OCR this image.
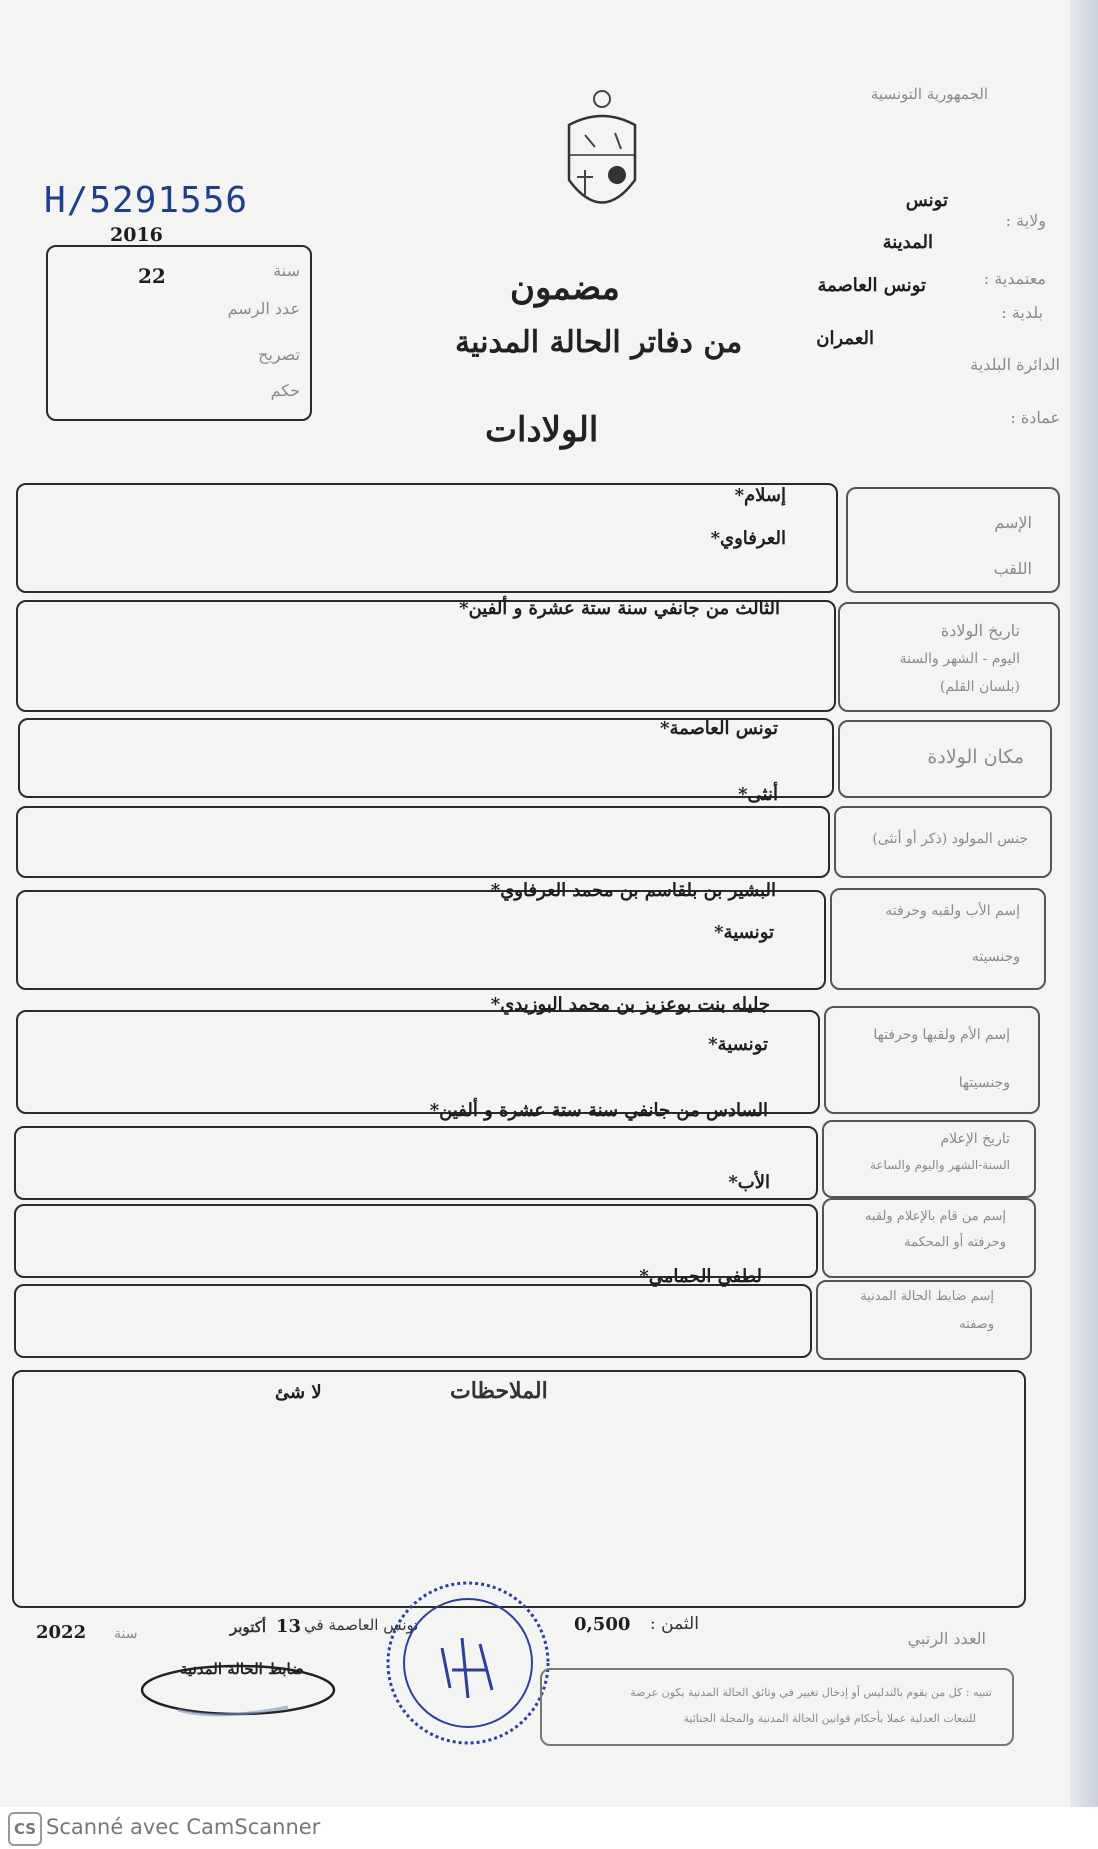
الجمهورية التونسية
H/5291556
2016
22	سنة
عدد الرسم
تصريح
حكم
مضمون
من دفاتر الحالة المدنية
الولادات
ولاية :
تونس
المدينة
معتمدية :
تونس العاصمة
بلدية :
العمران
الدائرة البلدية
عمادة :
الإسم
اللقب
إسلام*
العرفاوي*
تاريخ الولادة
اليوم - الشهر والسنة
(بلسان القلم)
الثالث من جانفي سنة ستة عشرة و ألفين*
مكان الولادة
تونس العاصمة*
أنثى*
جنس المولود (ذكر أو أنثى)
إسم الأب ولقبه وحرفته
وجنسيته
البشير بن بلقاسم بن محمد العرفاوي*
تونسية*
إسم الأم ولقبها وحرفتها
وجنسيتها
جليله بنت بوعزيز بن محمد البوزيدي*
تونسية*
تاريخ الإعلام
السنة-الشهر واليوم والساعة
السادس من جانفي سنة ستة عشرة و ألفين*
الأب*
إسم من قام بالإعلام ولقبه
وحرفته أو المحكمة
إسم ضابط الحالة المدنية
وصفته
لطفي الحمامي*
الملاحظات
لا شئ
العدد الرتبي
الثمن :
0,500
تونس العاصمة في
13
أكتوبر
سنة
2022
ضابط الحالة المدنية
تنبيه : كل من يقوم بالتدليس أو إدخال تغيير في وثائق الحالة المدنية يكون عرضة
للتبعات العدلية عملا بأحكام قوانين الحالة المدنية والمجلة الجنائية
CS Scanné avec CamScanner
